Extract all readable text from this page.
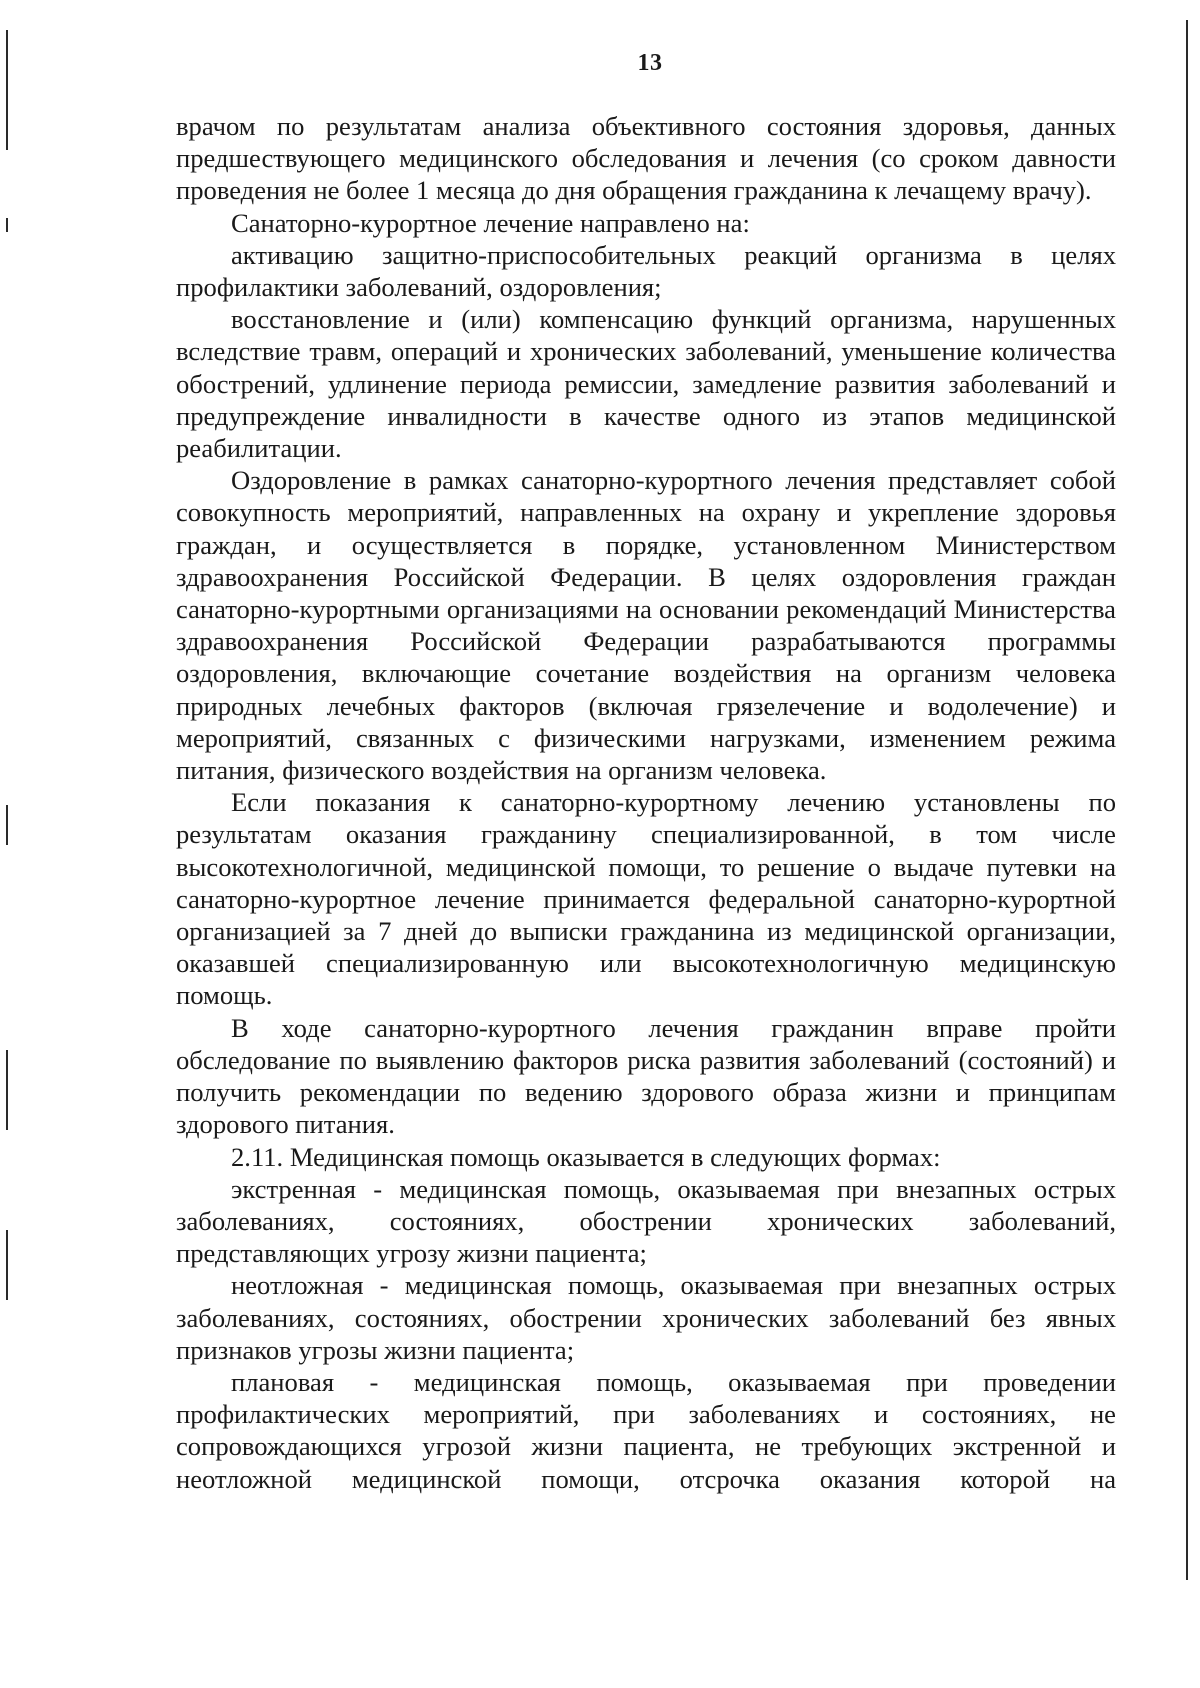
13

врачом по результатам анализа объективного состояния здоровья, данных предшествующего медицинского обследования и лечения (со сроком давности проведения не более 1 месяца до дня обращения гражданина к лечащему врачу).

Санаторно-курортное лечение направлено на:

активацию защитно-приспособительных реакций организма в целях профилактики заболеваний, оздоровления;

восстановление и (или) компенсацию функций организма, нарушенных вследствие травм, операций и хронических заболеваний, уменьшение количества обострений, удлинение периода ремиссии, замедление развития заболеваний и предупреждение инвалидности в качестве одного из этапов медицинской реабилитации.

Оздоровление в рамках санаторно-курортного лечения представляет собой совокупность мероприятий, направленных на охрану и укрепление здоровья граждан, и осуществляется в порядке, установленном Министерством здравоохранения Российской Федерации. В целях оздоровления граждан санаторно-курортными организациями на основании рекомендаций Министерства здравоохранения Российской Федерации разрабатываются программы оздоровления, включающие сочетание воздействия на организм человека природных лечебных факторов (включая грязелечение и водолечение) и мероприятий, связанных с физическими нагрузками, изменением режима питания, физического воздействия на организм человека.

Если показания к санаторно-курортному лечению установлены по результатам оказания гражданину специализированной, в том числе высокотехнологичной, медицинской помощи, то решение о выдаче путевки на санаторно-курортное лечение принимается федеральной санаторно-курортной организацией за 7 дней до выписки гражданина из медицинской организации, оказавшей специализированную или высокотехнологичную медицинскую помощь.

В ходе санаторно-курортного лечения гражданин вправе пройти обследование по выявлению факторов риска развития заболеваний (состояний) и получить рекомендации по ведению здорового образа жизни и принципам здорового питания.

2.11. Медицинская помощь оказывается в следующих формах:

экстренная - медицинская помощь, оказываемая при внезапных острых заболеваниях, состояниях, обострении хронических заболеваний, представляющих угрозу жизни пациента;

неотложная - медицинская помощь, оказываемая при внезапных острых заболеваниях, состояниях, обострении хронических заболеваний без явных признаков угрозы жизни пациента;

плановая - медицинская помощь, оказываемая при проведении профилактических мероприятий, при заболеваниях и состояниях, не сопровождающихся угрозой жизни пациента, не требующих экстренной и неотложной медицинской помощи, отсрочка оказания которой на
